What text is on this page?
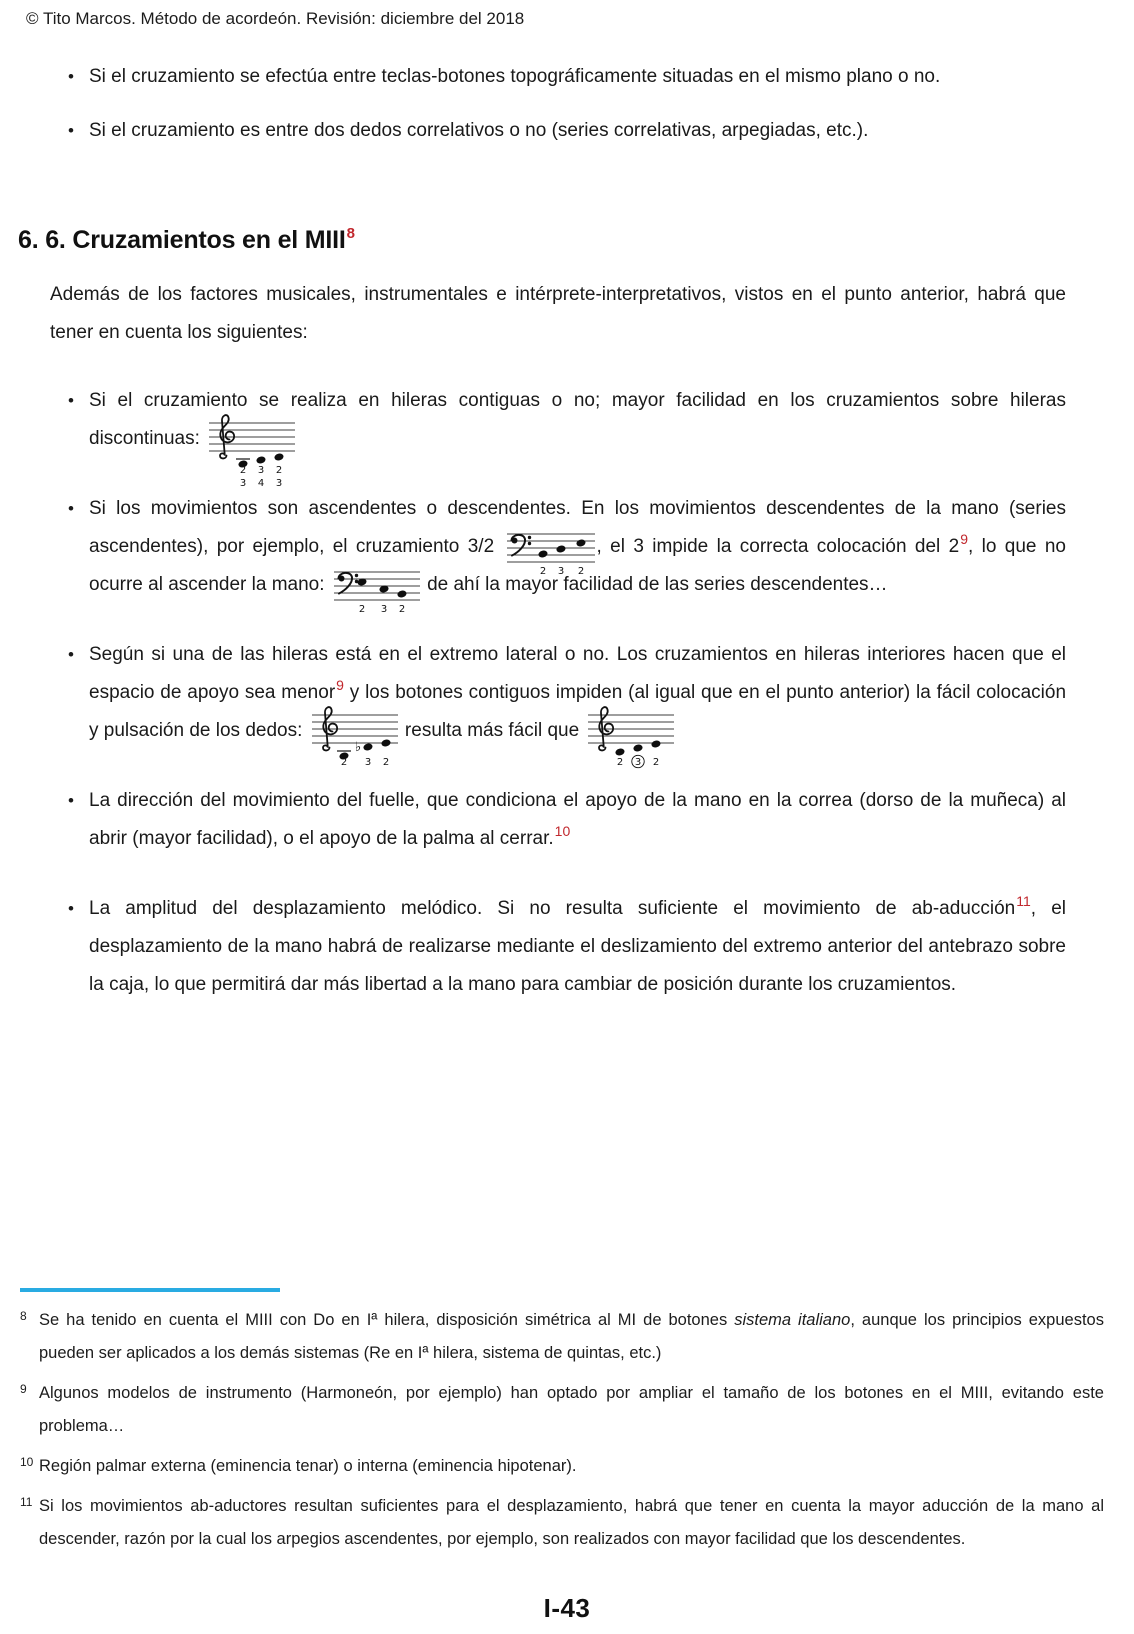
© Tito Marcos. Método de acordeón. Revisión: diciembre del 2018
• Si el cruzamiento se efectúa entre teclas-botones topográficamente situadas en el mismo plano o no.
• Si el cruzamiento es entre dos dedos correlativos o no (series correlativas, arpegiadas, etc.).
6. 6. Cruzamientos en el MIII$^8$

Además de los factores musicales, instrumentales e intérprete-interpretativos, vistos en el punto anterior, habrá que tener en cuenta los siguientes:

• Si el cruzamiento se realiza en hileras contiguas o no; mayor facilidad en los cruzamientos sobre hileras discontinuas:
2 3 2
3 4 3
• Si los movimientos son ascendentes o descendentes. En los movimientos descendentes de la mano (series ascendentes), por ejemplo, el cruzamiento 3/2
2 3 2
, el 3 impide la correcta colocación del 2$^9$, lo que no ocurre al ascender la mano:
2 3 2
de ahí la mayor facilidad de las series descendentes…
• Según si una de las hileras está en el extremo lateral o no. Los cruzamientos en hileras interiores hacen que el espacio de apoyo sea menor$^9$ y los botones contiguos impiden (al igual que en el punto anterior) la fácil colocación y pulsación de los dedos:
♭
2 3 2
resulta más fácil que
2 3 2
• La dirección del movimiento del fuelle, que condiciona el apoyo de la mano en la correa (dorso de la muñeca) al abrir (mayor facilidad), o el apoyo de la palma al cerrar.$^{10}$
• La amplitud del desplazamiento melódico. Si no resulta suficiente el movimiento de ab-aducción$^{11}$, el desplazamiento de la mano habrá de realizarse mediante el deslizamiento del extremo anterior del antebrazo sobre la caja, lo que permitirá dar más libertad a la mano para cambiar de posición durante los cruzamientos.
8 Se ha tenido en cuenta el MIII con Do en Iª hilera, disposición simétrica al MI de botones sistema italiano, aunque los principios expuestos pueden ser aplicados a los demás sistemas (Re en Iª hilera, sistema de quintas, etc.)
9 Algunos modelos de instrumento (Harmoneón, por ejemplo) han optado por ampliar el tamaño de los botones en el MIII, evitando este problema…
10 Región palmar externa (eminencia tenar) o interna (eminencia hipotenar).
11 Si los movimientos ab-aductores resultan suficientes para el desplazamiento, habrá que tener en cuenta la mayor aducción de la mano al descender, razón por la cual los arpegios ascendentes, por ejemplo, son realizados con mayor facilidad que los descendentes.
I-43
